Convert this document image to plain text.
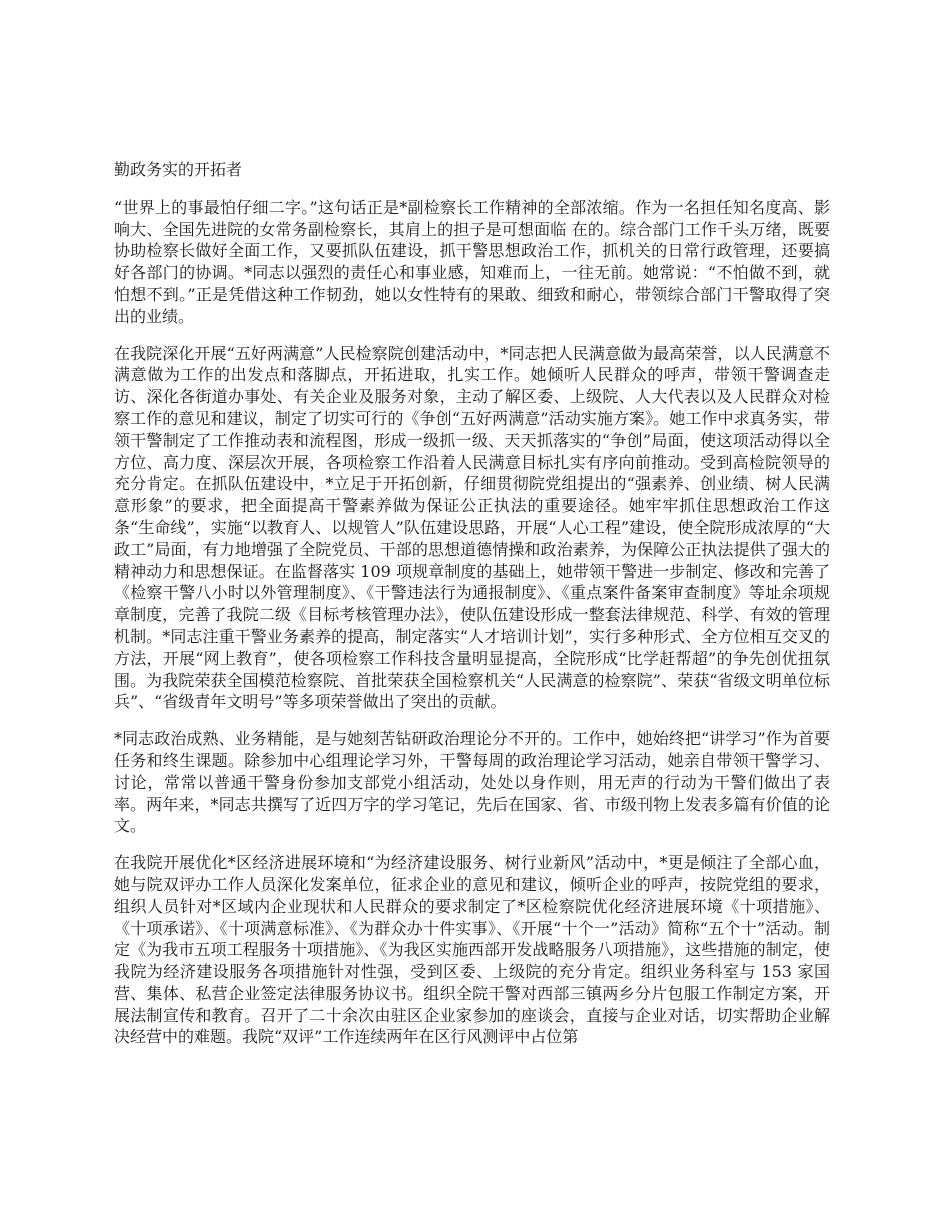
勤政务实的开拓者

“世界上的事最怕仔细二字。”这句话正是*副检察长工作精神的全部浓缩。作为一名担任知名度高、影响大、全国先进院的女常务副检察长，其肩上的担子是可想面临 在的。综合部门工作千头万绪，既要协助检察长做好全面工作，又要抓队伍建设，抓干警思想政治工作，抓机关的日常行政管理，还要搞好各部门的协调。*同志以强烈的责任心和事业感，知难而上，一往无前。她常说：“不怕做不到，就怕想不到。”正是凭借这种工作韧劲，她以女性特有的果敢、细致和耐心，带领综合部门干警取得了突出的业绩。

在我院深化开展“五好两满意”人民检察院创建活动中，*同志把人民满意做为最高荣誉，以人民满意不满意做为工作的出发点和落脚点，开拓进取，扎实工作。她倾听人民群众的呼声，带领干警调查走访、深化各街道办事处、有关企业及服务对象，主动了解区委、上级院、人大代表以及人民群众对检察工作的意见和建议，制定了切实可行的《争创“五好两满意”活动实施方案》。她工作中求真务实，带领干警制定了工作推动表和流程图，形成一级抓一级、天天抓落实的“争创”局面，使这项活动得以全方位、高力度、深层次开展，各项检察工作沿着人民满意目标扎实有序向前推动。受到高检院领导的充分肯定。在抓队伍建设中，*立足于开拓创新，仔细贯彻院党组提出的“强素养、创业绩、树人民满意形象”的要求，把全面提高干警素养做为保证公正执法的重要途径。她牢牢抓住思想政治工作这条“生命线”，实施“以教育人、以规管人”队伍建设思路，开展“人心工程”建设，使全院形成浓厚的“大政工”局面，有力地增强了全院党员、干部的思想道德情操和政治素养，为保障公正执法提供了强大的精神动力和思想保证。在监督落实 109 项规章制度的基础上，她带领干警进一步制定、修改和完善了《检察干警八小时以外管理制度》、《干警违法行为通报制度》、《重点案件备案审查制度》等址余项规章制度，完善了我院二级《目标考核管理办法》，使队伍建设形成一整套法律规范、科学、有效的管理机制。*同志注重干警业务素养的提高，制定落实“人才培训计划”，实行多种形式、全方位相互交叉的方法，开展“网上教育”，使各项检察工作科技含量明显提高，全院形成“比学赶帮超”的争先创优扭氛围。为我院荣获全国模范检察院、首批荣获全国检察机关“人民满意的检察院”、荣获“省级文明单位标兵”、“省级青年文明号”等多项荣誉做出了突出的贡献。

*同志政治成熟、业务精能，是与她刻苦钻研政治理论分不开的。工作中，她始终把“讲学习”作为首要任务和终生课题。除参加中心组理论学习外，干警每周的政治理论学习活动，她亲自带领干警学习、讨论，常常以普通干警身份参加支部党小组活动，处处以身作则，用无声的行动为干警们做出了表率。两年来，*同志共撰写了近四万字的学习笔记，先后在国家、省、市级刊物上发表多篇有价值的论文。

在我院开展优化*区经济进展环境和“为经济建设服务、树行业新风”活动中，*更是倾注了全部心血，她与院双评办工作人员深化发案单位，征求企业的意见和建议，倾听企业的呼声，按院党组的要求，组织人员针对*区域内企业现状和人民群众的要求制定了*区检察院优化经济进展环境《十项措施》、《十项承诺》、《十项满意标准》、《为群众办十件实事》、《开展“十个一”活动》简称“五个十”活动。制定《为我市五项工程服务十项措施》、《为我区实施西部开发战略服务八项措施》，这些措施的制定，使我院为经济建设服务各项措施针对性强，受到区委、上级院的充分肯定。组织业务科室与 153 家国营、集体、私营企业签定法律服务协议书。组织全院干警对西部三镇两乡分片包服工作制定方案，开展法制宣传和教育。召开了二十余次由驻区企业家参加的座谈会，直接与企业对话，切实帮助企业解决经营中的难题。我院“双评”工作连续两年在区行风测评中占位第
